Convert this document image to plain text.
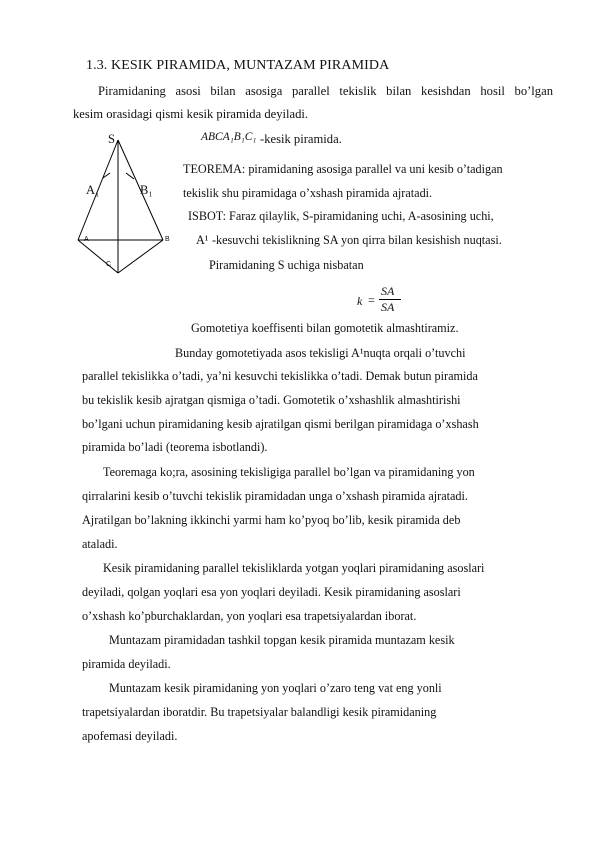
1.3. KESIK PIRAMIDA, MUNTAZAM PIRAMIDA
Piramidaning asosi bilan asosiga parallel tekislik bilan kesishdan hosil bo’lgan
kesim orasidagi qismi kesik piramida deyiladi.
S
A₁	B₁
A	B
C
ABCA₁B₁C₁ -kesik piramida.
TEOREMA: piramidaning asosiga parallel va uni kesib o’tadigan
tekislik shu piramidaga o’xshash piramida ajratadi.
ISBOT: Faraz qilaylik, S-piramidaning uchi, A-asosining uchi,
A¹ -kesuvchi tekislikning SA yon qirra bilan kesishish nuqtasi.
Piramidaning S uchiga nisbatan
k =
SA
SA
Gomotetiya koeffisenti bilan gomotetik almashtiramiz.
Bunday gomotetiyada asos tekisligi A¹nuqta orqali o’tuvchi
parallel tekislikka o’tadi, ya’ni kesuvchi tekislikka o’tadi. Demak butun piramida
bu tekislik kesib ajratgan qismiga o’tadi. Gomotetik o’xshashlik almashtirishi
bo’lgani uchun piramidaning kesib ajratilgan qismi berilgan piramidaga o’xshash
piramida bo’ladi (teorema isbotlandi).
Teoremaga ko;ra, asosining tekisligiga parallel bo’lgan va piramidaning yon
qirralarini kesib o’tuvchi tekislik piramidadan unga o’xshash piramida ajratadi.
Ajratilgan bo’lakning ikkinchi yarmi ham ko’pyoq bo’lib, kesik piramida deb
ataladi.
Kesik piramidaning parallel tekisliklarda yotgan yoqlari piramidaning asoslari
deyiladi, qolgan yoqlari esa yon yoqlari deyiladi. Kesik piramidaning asoslari
o’xshash ko’pburchaklardan, yon yoqlari esa trapetsiyalardan iborat.
Muntazam piramidadan tashkil topgan kesik piramida muntazam kesik
piramida deyiladi.
Muntazam kesik piramidaning yon yoqlari o’zaro teng vat eng yonli
trapetsiyalardan iboratdir. Bu trapetsiyalar balandligi kesik piramidaning
apofemasi deyiladi.
